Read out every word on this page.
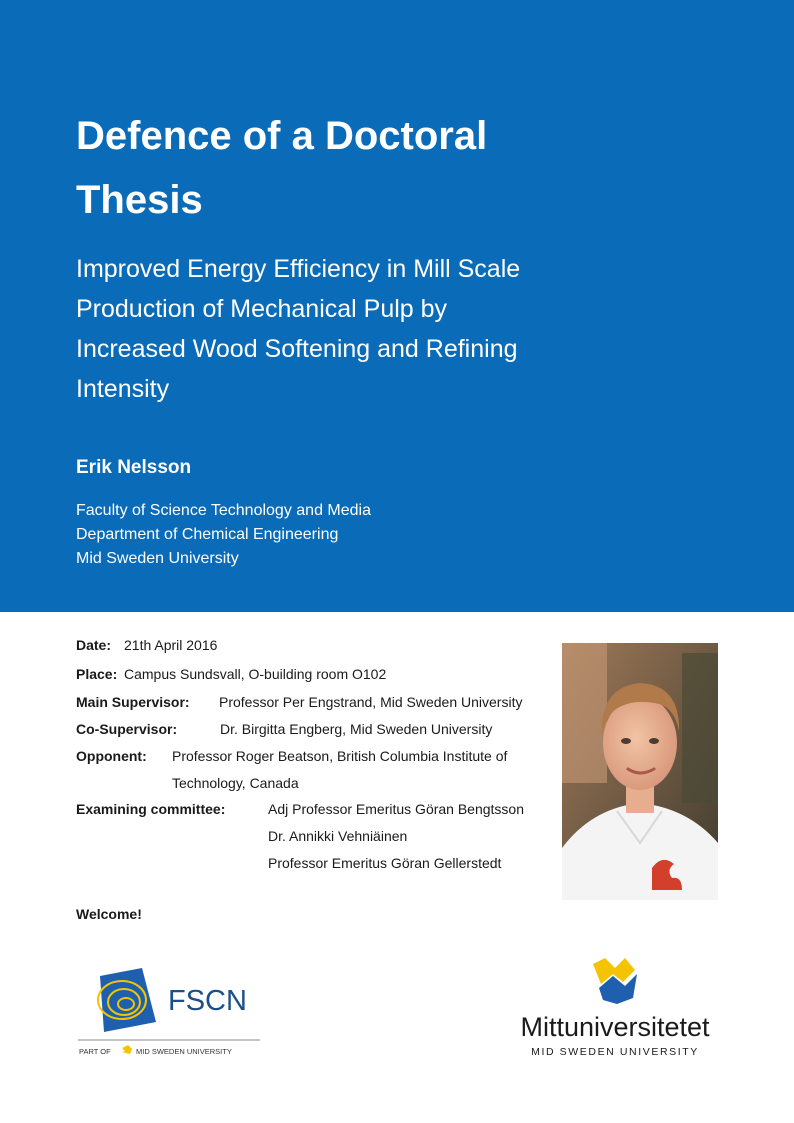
Defence of a Doctoral
Thesis
Improved Energy Efficiency in Mill Scale
Production of Mechanical Pulp by
Increased Wood Softening and Refining
Intensity
Erik Nelsson
Faculty of Science Technology and Media
Department of Chemical Engineering
Mid Sweden University
Date: 21th April 2016
Place: Campus Sundsvall, O-building room O102
Main Supervisor: Professor Per Engstrand, Mid Sweden University
Co-Supervisor:	Dr. Birgitta Engberg, Mid Sweden University
Opponent: Professor Roger Beatson, British Columbia Institute of
Technology, Canada
Examining committee:	Adj Professor Emeritus Göran Bengtsson
Dr. Annikki Vehniäinen
Professor Emeritus Göran Gellerstedt
Welcome!
FSCN
PART OF	MID SWEDEN UNIVERSITY
Mittuniversitetet
MID SWEDEN UNIVERSITY
